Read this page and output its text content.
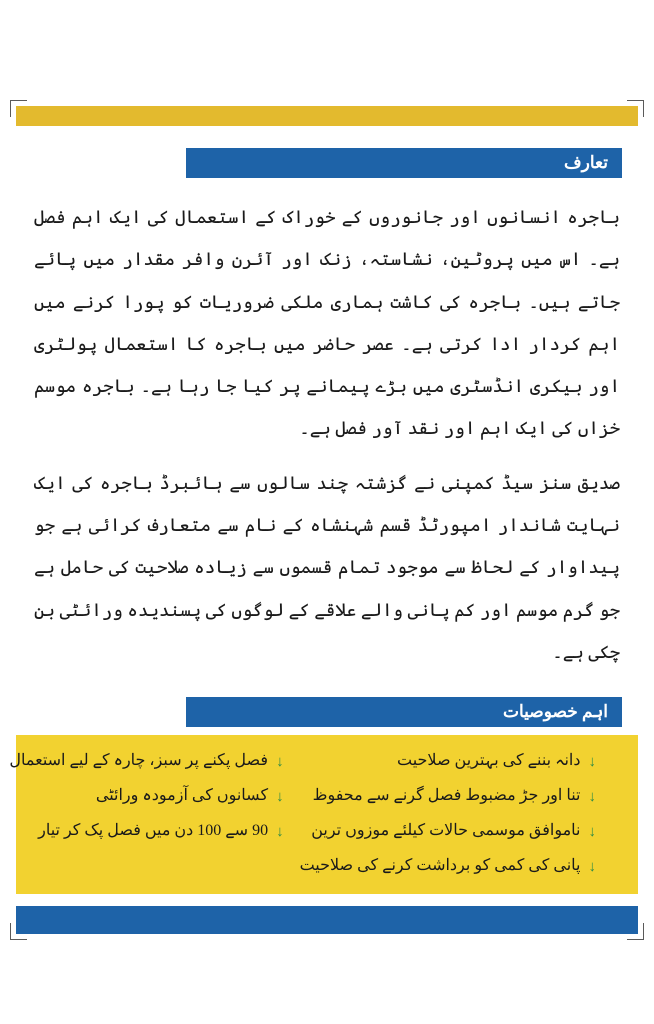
تعارف

باجرہ انسانوں اور جانوروں کے خوراک کے استعمال کی ایک اہم فصل ہے۔ اس میں پروٹین، نشاستہ، زنک اور آئرن وافر مقدار میں پائے جاتے ہیں۔ باجرہ کی کاشت ہماری ملکی ضروریات کو پورا کرنے میں اہم کردار ادا کرتی ہے۔ عصر حاضر میں باجرہ کا استعمال پولٹری اور بیکری انڈسٹری میں بڑے پیمانے پر کیا جا رہا ہے۔ باجرہ موسم خزاں کی ایک اہم اور نقد آور فصل ہے۔

صدیق سنز سیڈ کمپنی نے گزشتہ چند سالوں سے ہائبرڈ باجرہ کی ایک نہایت شاندار امپورٹڈ قسم شہنشاہ کے نام سے متعارف کرائی ہے جو پیداوار کے لحاظ سے موجود تمام قسموں سے زیادہ صلاحیت کی حامل ہے جو گرم موسم اور کم پانی والے علاقے کے لوگوں کی پسندیدہ ورائٹی بن چکی ہے۔

اہم خصوصیات
↓
دانہ بننے کی بہترین صلاحیت
↓
تنا اور جڑ مضبوط فصل گرنے سے محفوظ
↓
ناموافق موسمی حالات کیلئے موزوں ترین
↓
پانی کی کمی کو برداشت کرنے کی صلاحیت
↓
فصل پکنے پر سبز، چارہ کے لیے استعمال
↓
کسانوں کی آزمودہ ورائٹی
↓
90 سے 100 دن میں فصل پک کر تیار
